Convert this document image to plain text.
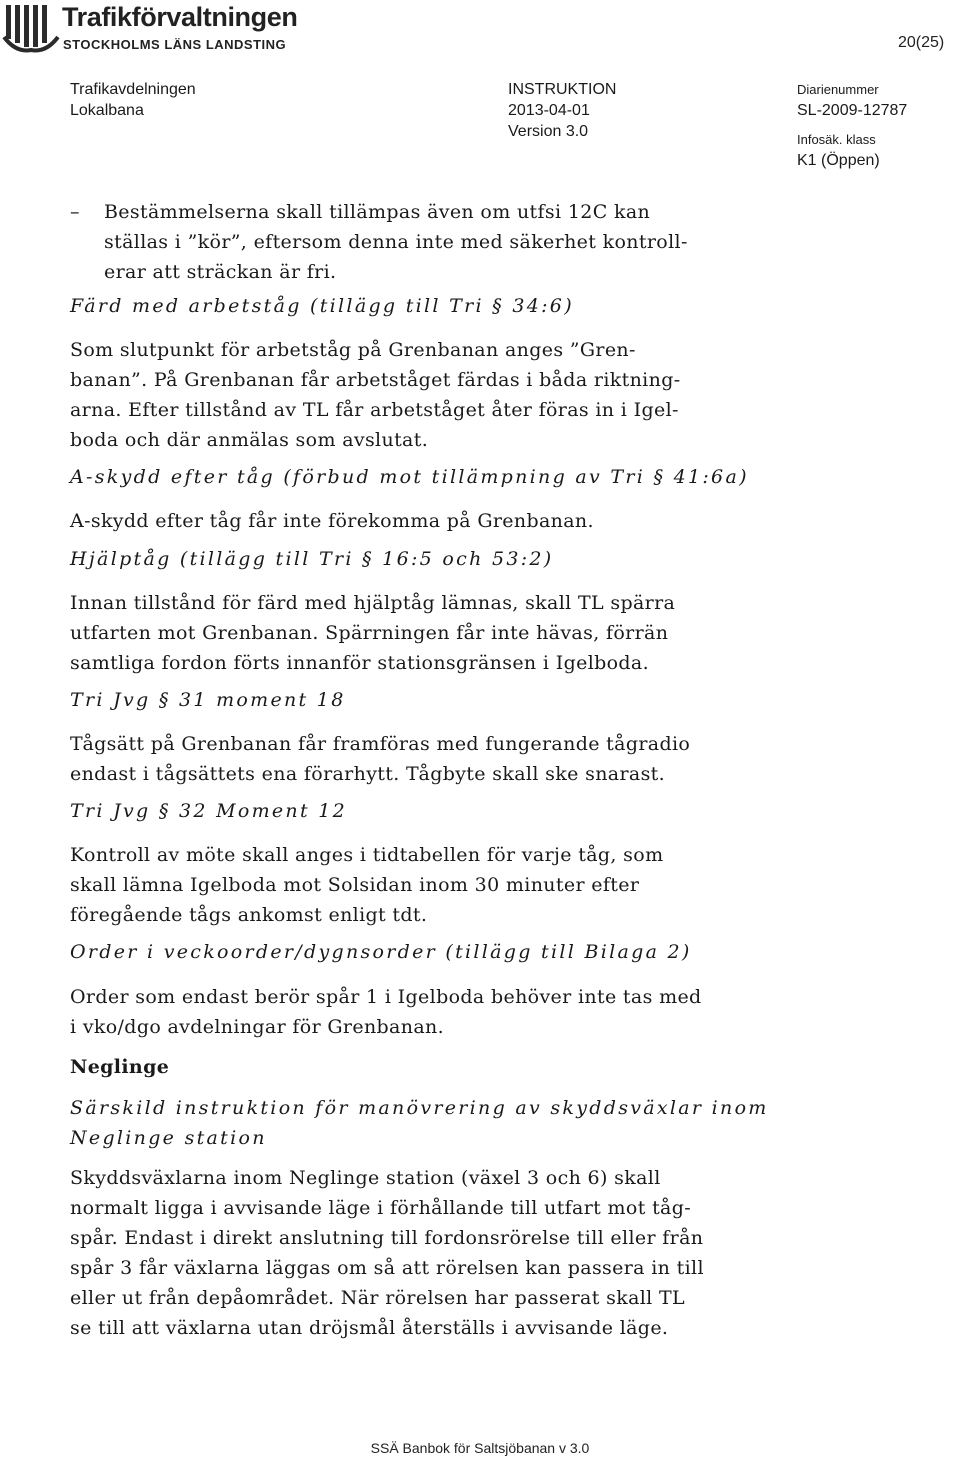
Trafikförvaltningen
STOCKHOLMS LÄNS LANDSTING	20(25)
Trafikavdelningen
Lokalbana
INSTRUKTION
2013-04-01
Version 3.0
Diarienummer
SL-2009-12787
Infosäk. klass
K1 (Öppen)
– Bestämmelserna skall tillämpas även om utfsi 12C kan
ställas i ”kör”, eftersom denna inte med säkerhet kontroll-
erar att sträckan är fri.
Färd med arbetståg (tillägg till Tri § 34:6)
Som slutpunkt för arbetståg på Grenbanan anges ”Gren-
banan”. På Grenbanan får arbetståget färdas i båda riktning-
arna. Efter tillstånd av TL får arbetståget åter föras in i Igel-
boda och där anmälas som avslutat.
A-skydd efter tåg (förbud mot tillämpning av Tri § 41:6a)
A-skydd efter tåg får inte förekomma på Grenbanan.
Hjälptåg (tillägg till Tri § 16:5 och 53:2)
Innan tillstånd för färd med hjälptåg lämnas, skall TL spärra
utfarten mot Grenbanan. Spärrningen får inte hävas, förrän
samtliga fordon förts innanför stationsgränsen i Igelboda.
Tri Jvg § 31 moment 18
Tågsätt på Grenbanan får framföras med fungerande tågradio
endast i tågsättets ena förarhytt. Tågbyte skall ske snarast.
Tri Jvg § 32 Moment 12
Kontroll av möte skall anges i tidtabellen för varje tåg, som
skall lämna Igelboda mot Solsidan inom 30 minuter efter
föregående tågs ankomst enligt tdt.
Order i veckoorder/dygnsorder (tillägg till Bilaga 2)
Order som endast berör spår 1 i Igelboda behöver inte tas med
i vko/dgo avdelningar för Grenbanan.
Neglinge
Särskild instruktion för manövrering av skyddsväxlar inom
Neglinge station
Skyddsväxlarna inom Neglinge station (växel 3 och 6) skall
normalt ligga i avvisande läge i förhållande till utfart mot tåg-
spår. Endast i direkt anslutning till fordonsrörelse till eller från
spår 3 får växlarna läggas om så att rörelsen kan passera in till
eller ut från depåområdet. När rörelsen har passerat skall TL
se till att växlarna utan dröjsmål återställs i avvisande läge.
SSÄ Banbok för Saltsjöbanan v 3.0
